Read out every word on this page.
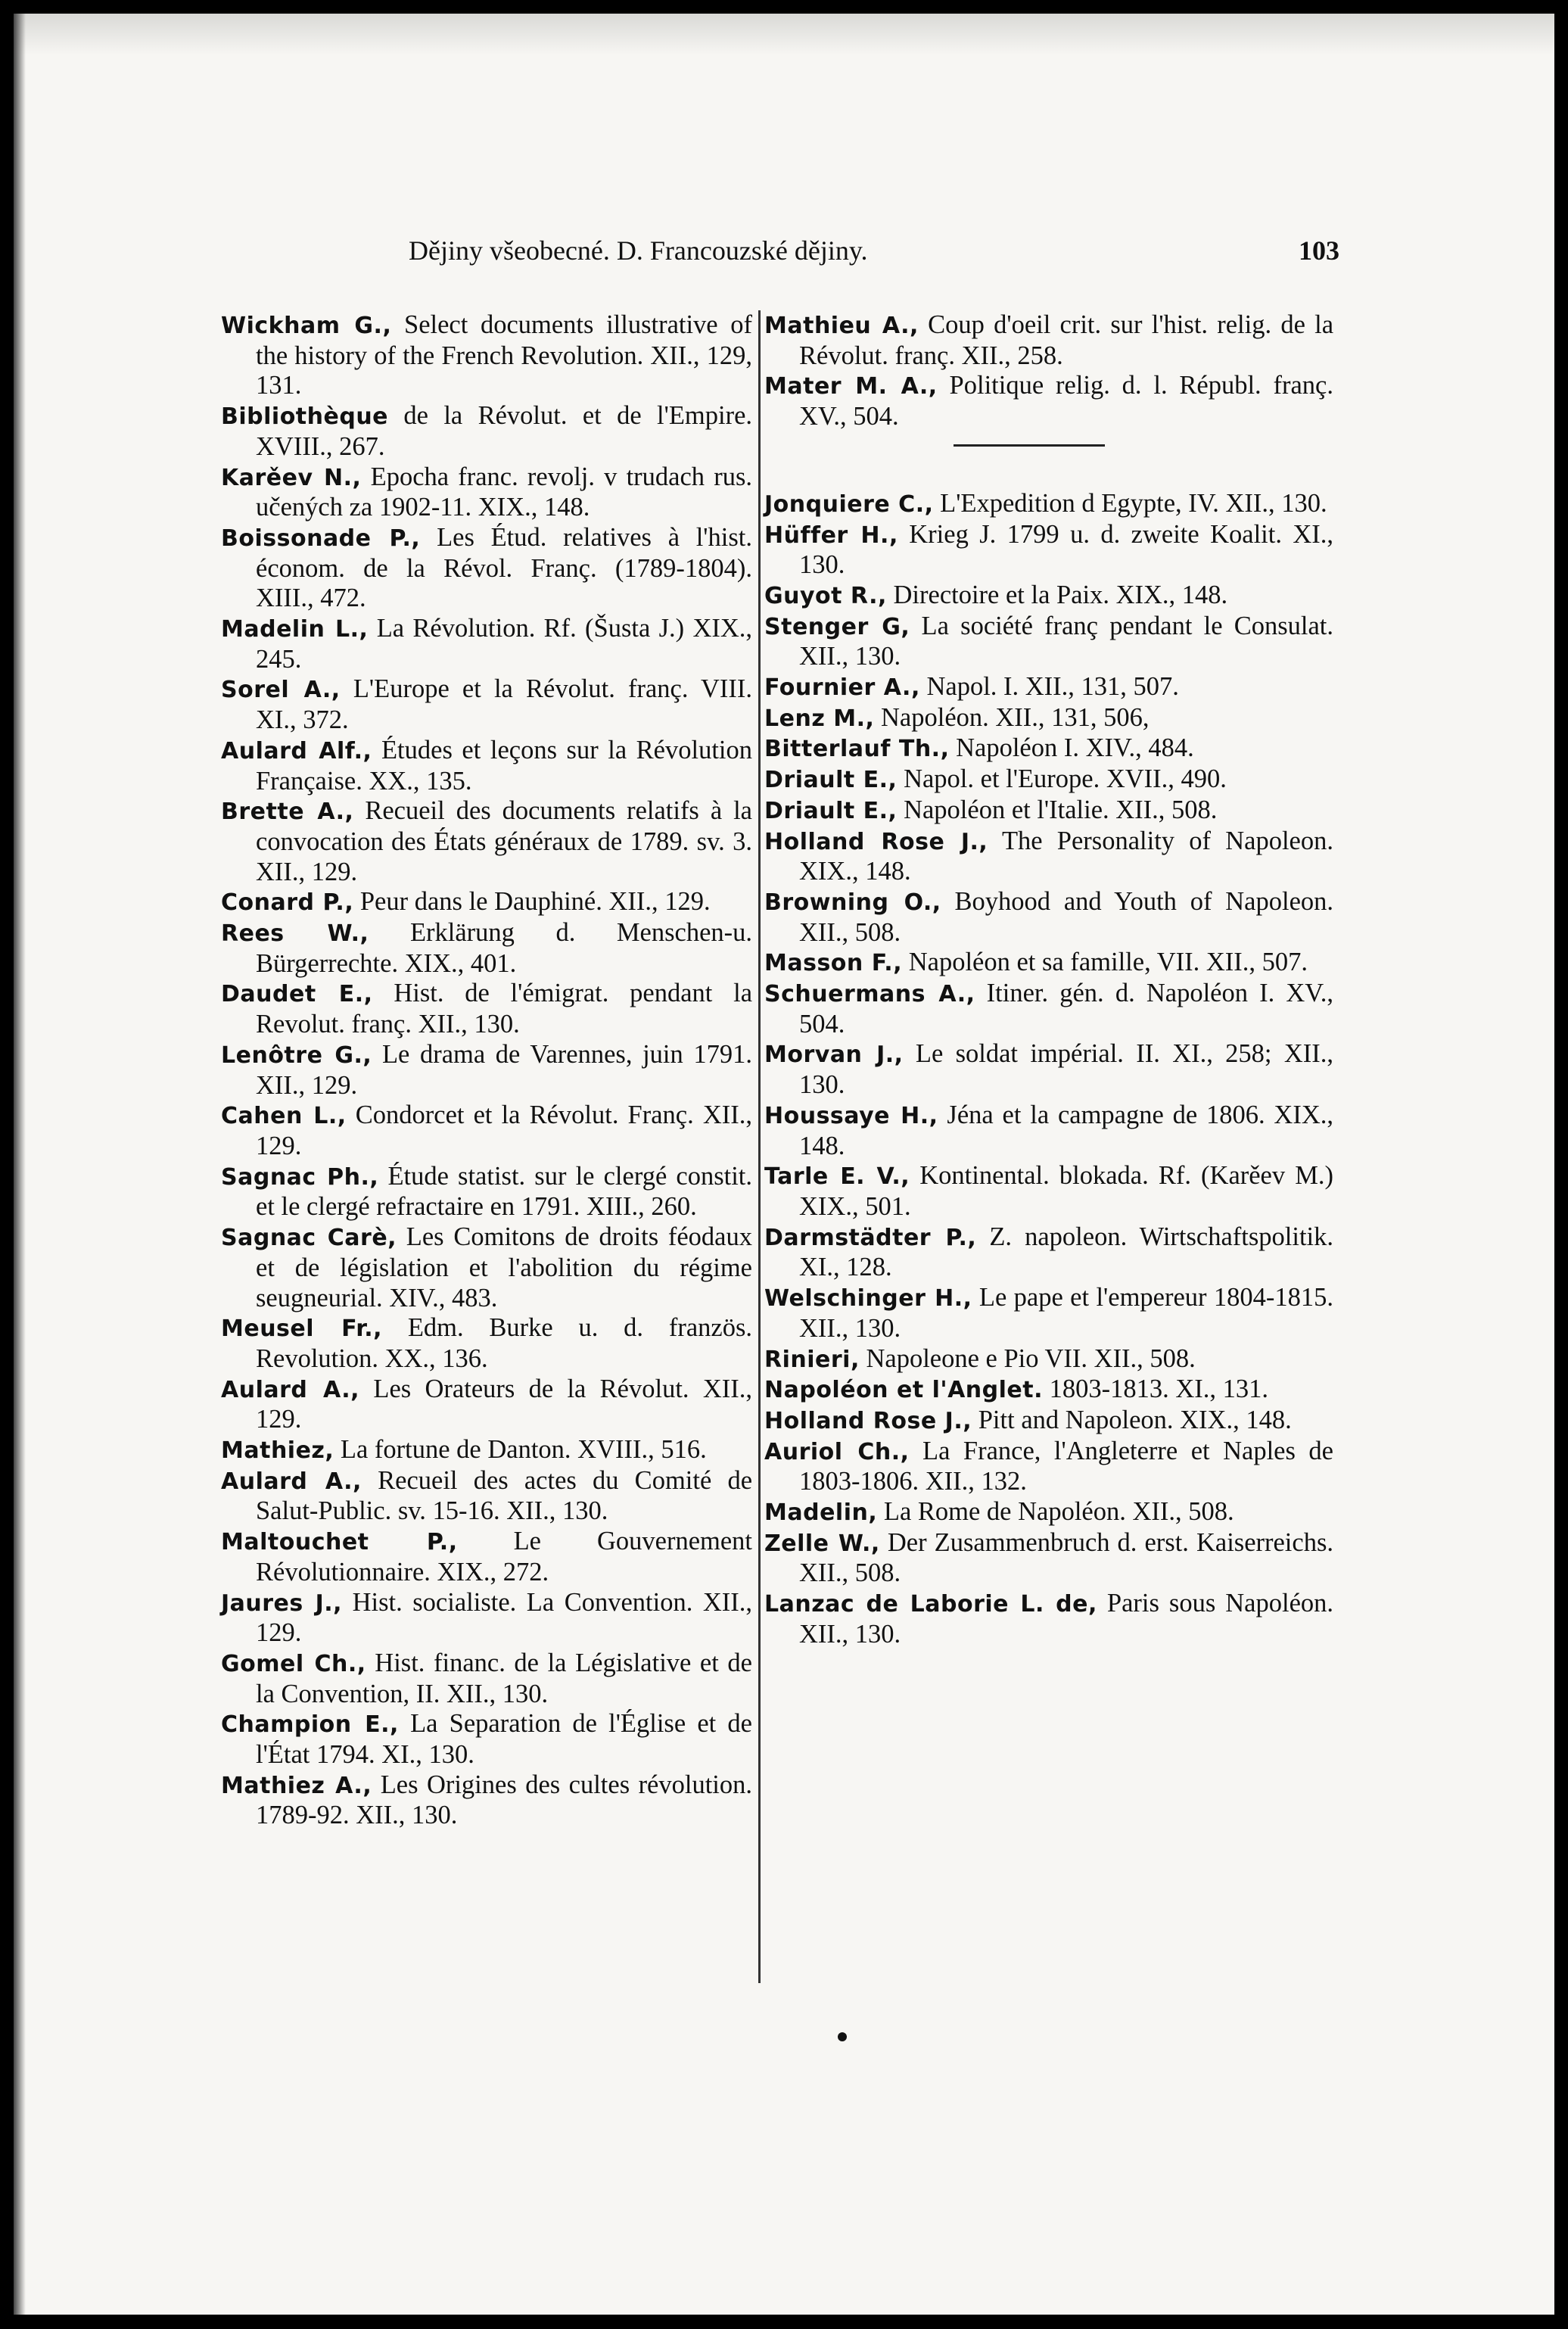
Dějiny všeobecné. D. Francouzské dějiny.	103

Wickham G., Select documents illustrative of the history of the French Revolution. XII., 129, 131.

Bibliothèque de la Révolut. et de l'Empire. XVIII., 267.

Karěev N., Epocha franc. revolj. v trudach rus. učených za 1902-11. XIX., 148.

Boissonade P., Les Étud. relatives à l'hist. économ. de la Révol. Franç. (1789-1804). XIII., 472.

Madelin L., La Révolution. Rf. (Šusta J.) XIX., 245.

Sorel A., L'Europe et la Révolut. franç. VIII. XI., 372.

Aulard Alf., Études et leçons sur la Révolution Française. XX., 135.

Brette A., Recueil des documents relatifs à la convocation des États généraux de 1789. sv. 3. XII., 129.

Conard P., Peur dans le Dauphiné. XII., 129.

Rees W., Erklärung d. Menschen-u. Bürgerrechte. XIX., 401.

Daudet E., Hist. de l'émigrat. pendant la Revolut. franç. XII., 130.

Lenôtre G., Le drama de Varennes, juin 1791. XII., 129.

Cahen L., Condorcet et la Révolut. Franç. XII., 129.

Sagnac Ph., Étude statist. sur le clergé constit. et le clergé refractaire en 1791. XIII., 260.

Sagnac Carè, Les Comitons de droits féodaux et de législation et l'abolition du régime seugneurial. XIV., 483.

Meusel Fr., Edm. Burke u. d. französ. Revolution. XX., 136.

Aulard A., Les Orateurs de la Révolut. XII., 129.

Mathiez, La fortune de Danton. XVIII., 516.

Aulard A., Recueil des actes du Comité de Salut-Public. sv. 15-16. XII., 130.

Maltouchet P., Le Gouvernement Révolutionnaire. XIX., 272.

Jaures J., Hist. socialiste. La Convention. XII., 129.

Gomel Ch., Hist. financ. de la Législative et de la Convention, II. XII., 130.

Champion E., La Separation de l'Église et de l'État 1794. XI., 130.

Mathiez A., Les Origines des cultes révolution. 1789-92. XII., 130.

Mathieu A., Coup d'oeil crit. sur l'hist. relig. de la Révolut. franç. XII., 258.

Mater M. A., Politique relig. d. l. Républ. franç. XV., 504.

Jonquiere C., L'Expedition d Egypte, IV. XII., 130.

Hüffer H., Krieg J. 1799 u. d. zweite Koalit. XI., 130.

Guyot R., Directoire et la Paix. XIX., 148.

Stenger G, La société franç pendant le Consulat. XII., 130.

Fournier A., Napol. I. XII., 131, 507.

Lenz M., Napoléon. XII., 131, 506,

Bitterlauf Th., Napoléon I. XIV., 484.

Driault E., Napol. et l'Europe. XVII., 490.

Driault E., Napoléon et l'Italie. XII., 508.

Holland Rose J., The Personality of Napoleon. XIX., 148.

Browning O., Boyhood and Youth of Napoleon. XII., 508.

Masson F., Napoléon et sa famille, VII. XII., 507.

Schuermans A., Itiner. gén. d. Napoléon I. XV., 504.

Morvan J., Le soldat impérial. II. XI., 258; XII., 130.

Houssaye H., Jéna et la campagne de 1806. XIX., 148.

Tarle E. V., Kontinental. blokada. Rf. (Karěev M.) XIX., 501.

Darmstädter P., Z. napoleon. Wirtschaftspolitik. XI., 128.

Welschinger H., Le pape et l'empereur 1804-1815. XII., 130.

Rinieri, Napoleone e Pio VII. XII., 508.

Napoléon et l'Anglet. 1803-1813. XI., 131.

Holland Rose J., Pitt and Napoleon. XIX., 148.

Auriol Ch., La France, l'Angleterre et Naples de 1803-1806. XII., 132.

Madelin, La Rome de Napoléon. XII., 508.

Zelle W., Der Zusammenbruch d. erst. Kaiserreichs. XII., 508.

Lanzac de Laborie L. de, Paris sous Napoléon. XII., 130.
